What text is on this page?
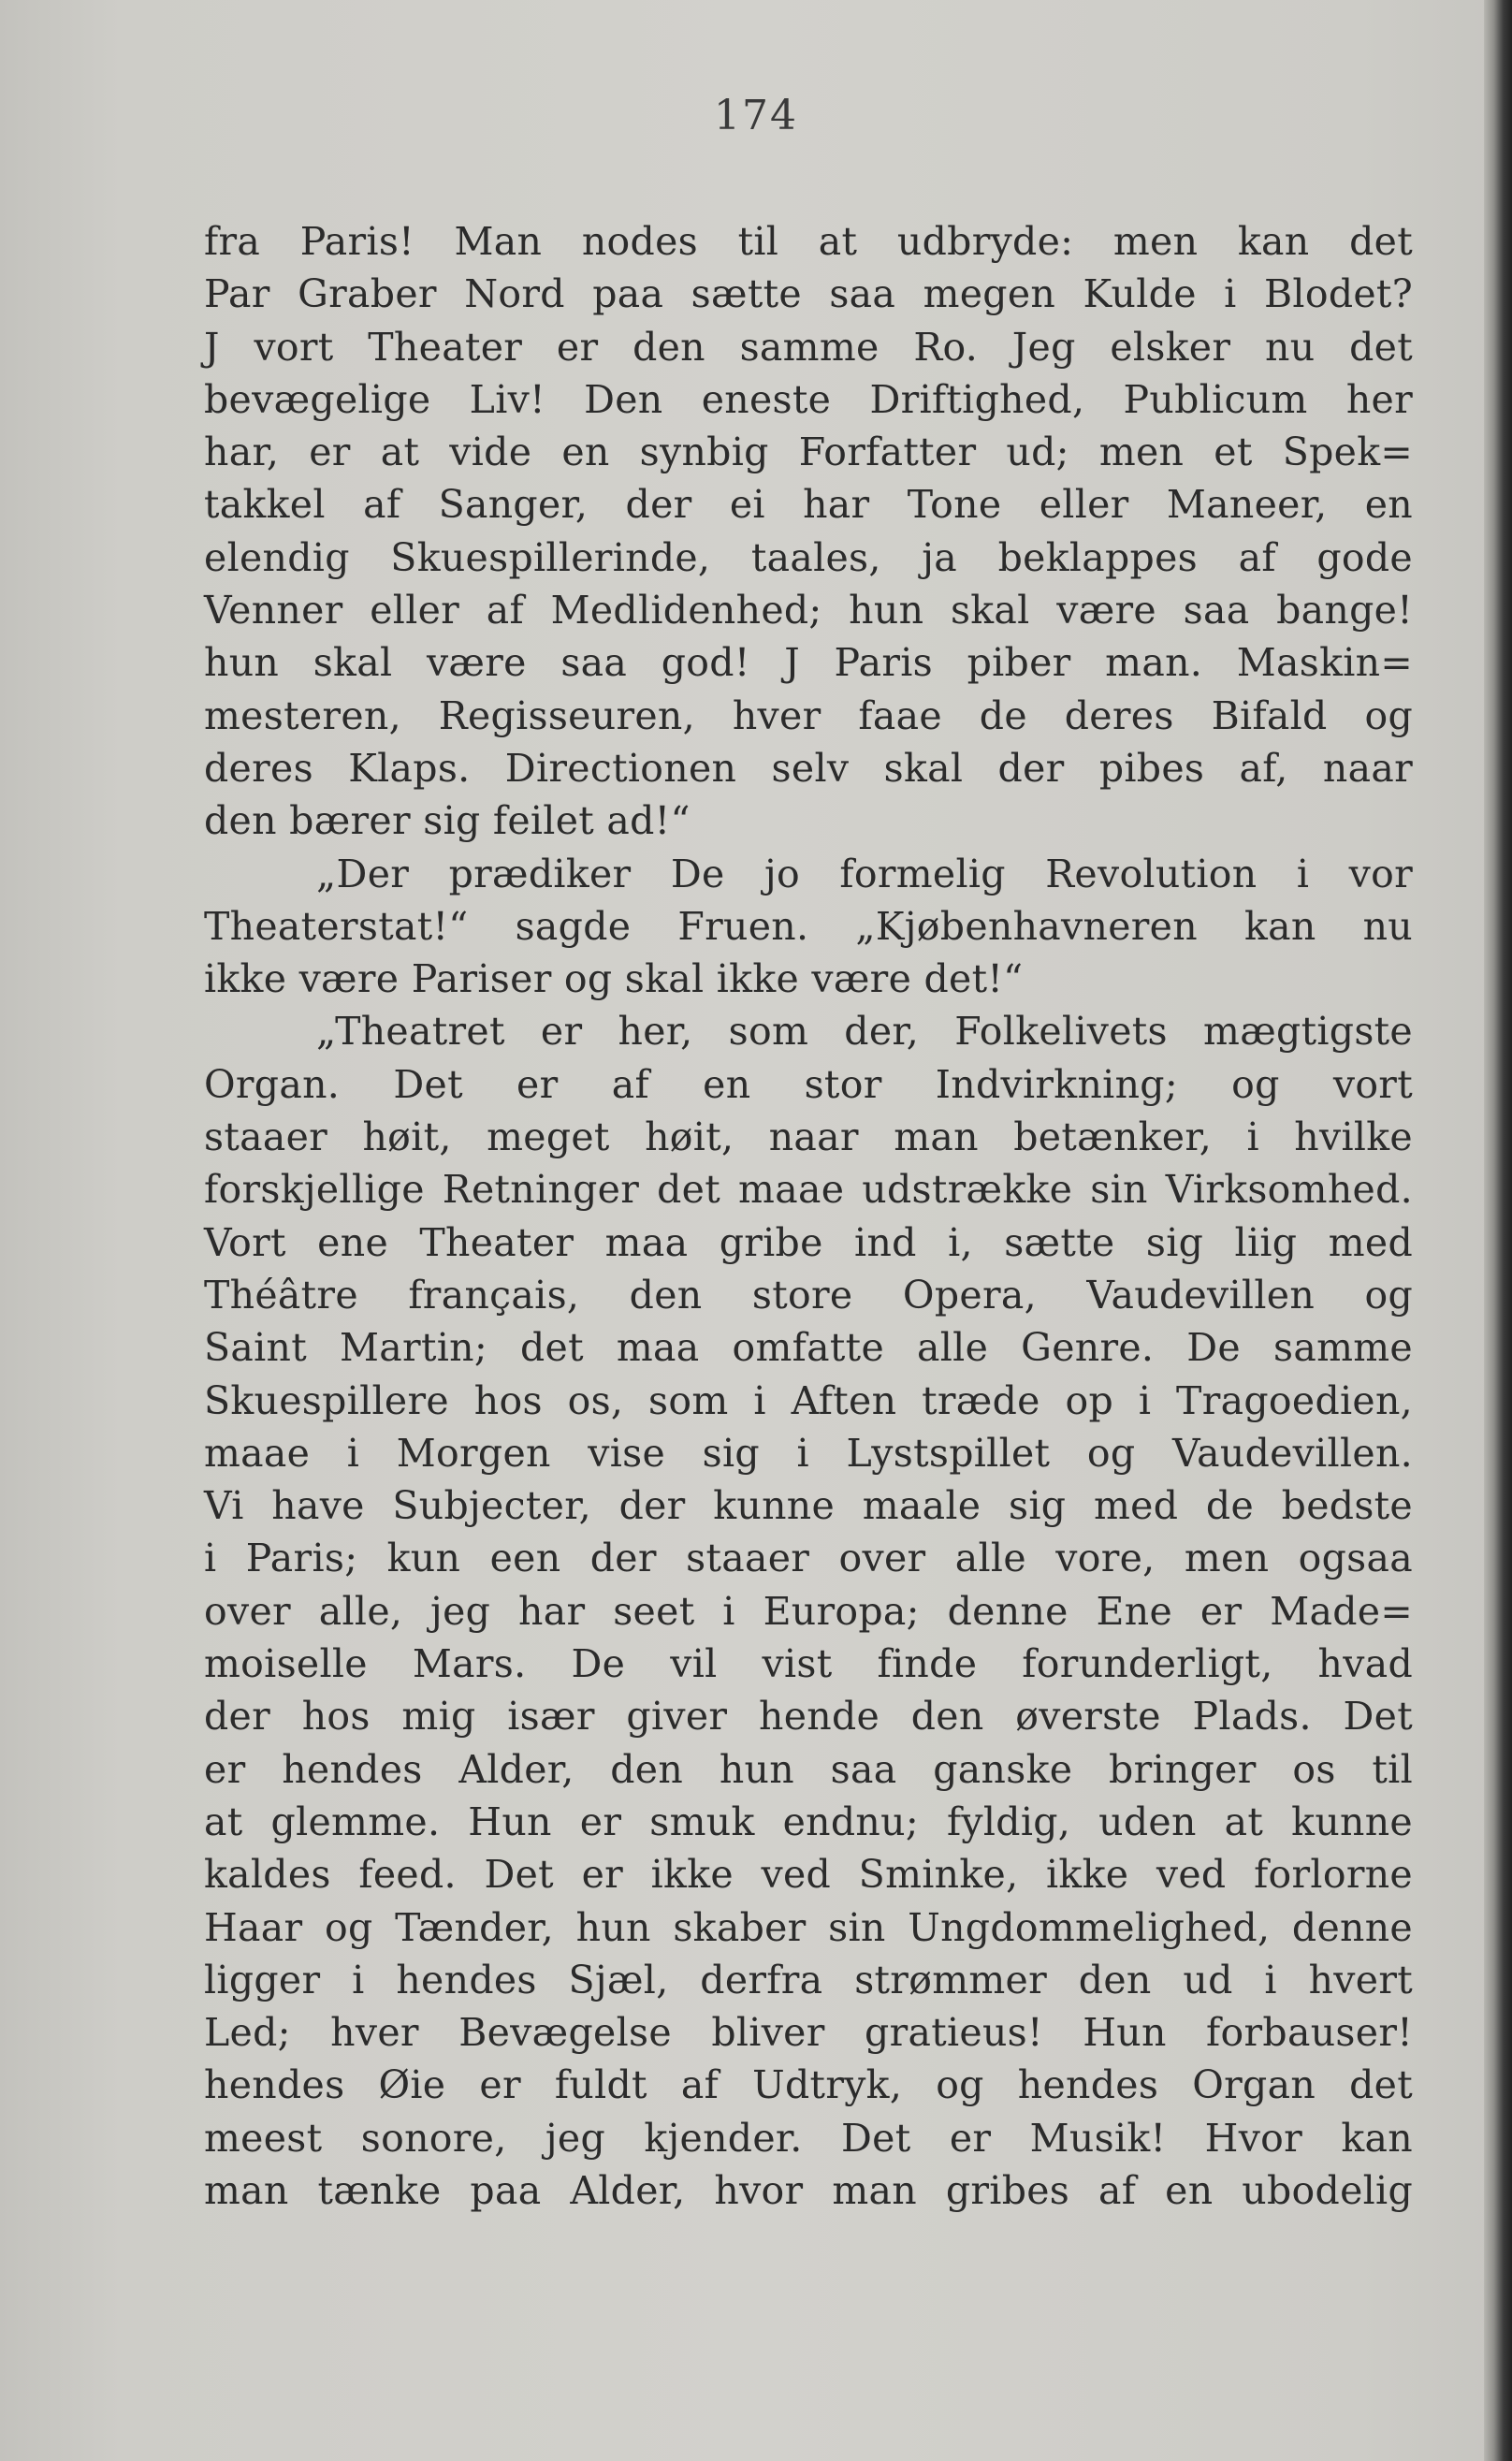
174
fra Paris! Man nodes til at udbryde: men kan det
Par Graber Nord paa sætte saa megen Kulde i Blodet?
J vort Theater er den samme Ro. Jeg elsker nu det
bevægelige Liv! Den eneste Driftighed, Publicum her
har, er at vide en synbig Forfatter ud; men et Spek=
takkel af Sanger, der ei har Tone eller Maneer, en
elendig Skuespillerinde, taales, ja beklappes af gode
Venner eller af Medlidenhed; hun skal være saa bange!
hun skal være saa god! J Paris piber man. Maskin=
mesteren, Regisseuren, hver faae de deres Bifald og
deres Klaps. Directionen selv skal der pibes af, naar
den bærer sig feilet ad!“
„Der prædiker De jo formelig Revolution i vor
Theaterstat!“ sagde Fruen. „Kjøbenhavneren kan nu
ikke være Pariser og skal ikke være det!“
„Theatret er her, som der, Folkelivets mægtigste
Organ. Det er af en stor Indvirkning; og vort
staaer høit, meget høit, naar man betænker, i hvilke
forskjellige Retninger det maae udstrække sin Virksomhed.
Vort ene Theater maa gribe ind i, sætte sig liig med
Théâtre français, den store Opera, Vaudevillen og
Saint Martin; det maa omfatte alle Genre. De samme
Skuespillere hos os, som i Aften træde op i Tragoedien,
maae i Morgen vise sig i Lystspillet og Vaudevillen.
Vi have Subjecter, der kunne maale sig med de bedste
i Paris; kun een der staaer over alle vore, men ogsaa
over alle, jeg har seet i Europa; denne Ene er Made=
moiselle Mars. De vil vist finde forunderligt, hvad
der hos mig især giver hende den øverste Plads. Det
er hendes Alder, den hun saa ganske bringer os til
at glemme. Hun er smuk endnu; fyldig, uden at kunne
kaldes feed. Det er ikke ved Sminke, ikke ved forlorne
Haar og Tænder, hun skaber sin Ungdommelighed, denne
ligger i hendes Sjæl, derfra strømmer den ud i hvert
Led; hver Bevægelse bliver gratieus! Hun forbauser!
hendes Øie er fuldt af Udtryk, og hendes Organ det
meest sonore, jeg kjender. Det er Musik! Hvor kan
man tænke paa Alder, hvor man gribes af en ubodelig
